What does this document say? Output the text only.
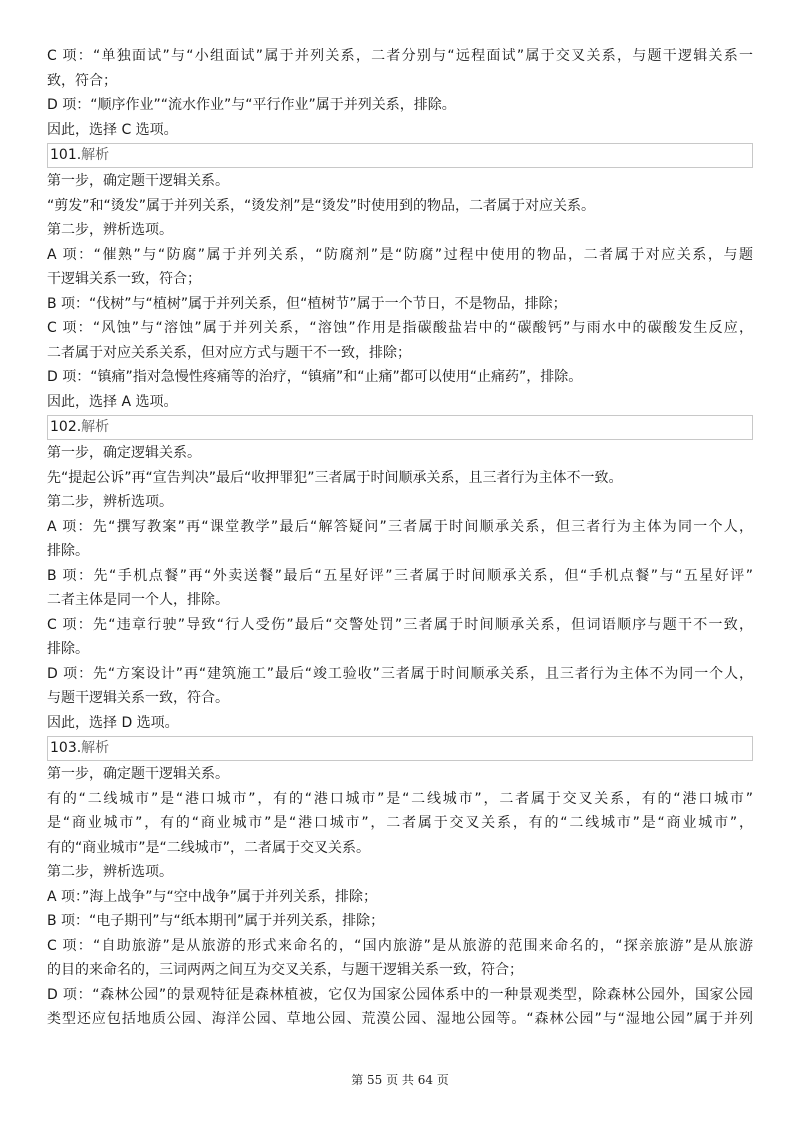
C 项：“单独面试”与“小组面试”属于并列关系，二者分别与“远程面试”属于交叉关系，与题干逻辑关系一
致，符合；
D 项：“顺序作业”“流水作业”与“平行作业”属于并列关系，排除。
因此，选择 C 选项。
101.解析
第一步，确定题干逻辑关系。
“剪发”和“烫发”属于并列关系，“烫发剂”是“烫发”时使用到的物品，二者属于对应关系。
第二步，辨析选项。
A 项：“催熟”与“防腐”属于并列关系，“防腐剂”是“防腐”过程中使用的物品，二者属于对应关系，与题
干逻辑关系一致，符合；
B 项：“伐树”与“植树”属于并列关系，但“植树节”属于一个节日，不是物品，排除；
C 项：“风蚀”与“溶蚀”属于并列关系，“溶蚀”作用是指碳酸盐岩中的“碳酸钙”与雨水中的碳酸发生反应，
二者属于对应关系关系，但对应方式与题干不一致，排除；
D 项：“镇痛”指对急慢性疼痛等的治疗，“镇痛”和“止痛”都可以使用“止痛药”，排除。
因此，选择 A 选项。
102.解析
第一步，确定逻辑关系。
先“提起公诉”再“宣告判决”最后“收押罪犯”三者属于时间顺承关系，且三者行为主体不一致。
第二步，辨析选项。
A 项：先“撰写教案”再“课堂教学”最后“解答疑问”三者属于时间顺承关系，但三者行为主体为同一个人，
排除。
B 项：先“手机点餐”再“外卖送餐”最后“五星好评”三者属于时间顺承关系，但“手机点餐”与“五星好评”
二者主体是同一个人，排除。
C 项：先“违章行驶”导致“行人受伤”最后“交警处罚”三者属于时间顺承关系，但词语顺序与题干不一致，
排除。
D 项：先“方案设计”再“建筑施工”最后“竣工验收”三者属于时间顺承关系，且三者行为主体不为同一个人，
与题干逻辑关系一致，符合。
因此，选择 D 选项。
103.解析
第一步，确定题干逻辑关系。
有的“二线城市”是“港口城市”，有的“港口城市”是“二线城市”，二者属于交叉关系，有的“港口城市”
是“商业城市”，有的“商业城市”是“港口城市”，二者属于交叉关系，有的“二线城市”是“商业城市”，
有的“商业城市”是“二线城市”，二者属于交叉关系。
第二步，辨析选项。
A 项：”海上战争”与“空中战争”属于并列关系，排除；
B 项：“电子期刊”与“纸本期刊”属于并列关系，排除；
C 项：“自助旅游”是从旅游的形式来命名的，“国内旅游”是从旅游的范围来命名的，“探亲旅游”是从旅游
的目的来命名的，三词两两之间互为交叉关系，与题干逻辑关系一致，符合；
D 项：“森林公园”的景观特征是森林植被，它仅为国家公园体系中的一种景观类型，除森林公园外，国家公园
类型还应包括地质公园、海洋公园、草地公园、荒漠公园、湿地公园等。“森林公园”与“湿地公园”属于并列
第 55 页 共 64 页
